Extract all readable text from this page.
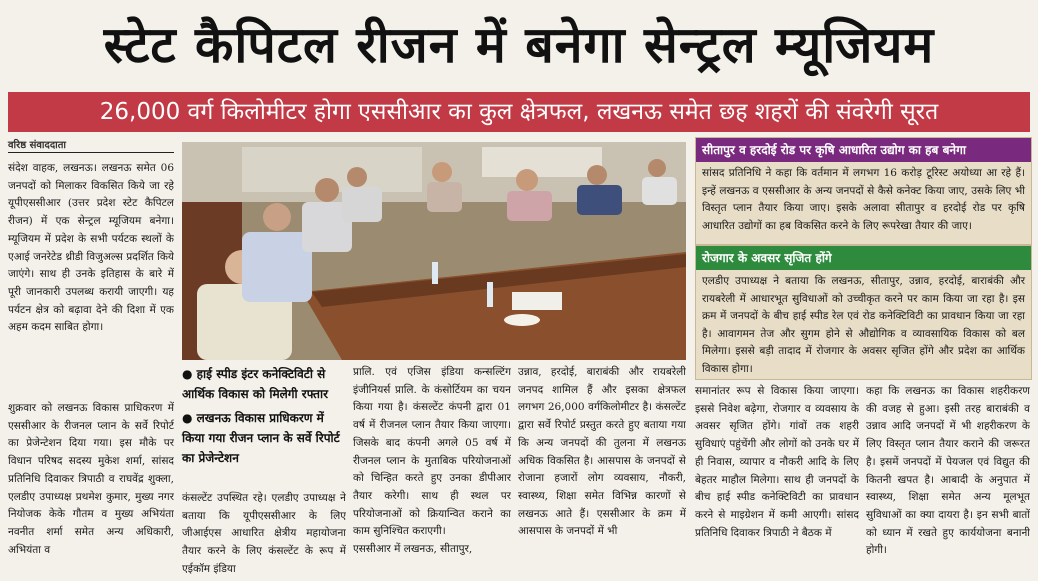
स्टेट कैपिटल रीजन में बनेगा सेन्ट्रल म्यूजियम
26,000 वर्ग किलोमीटर होगा एससीआर का कुल क्षेत्रफल, लखनऊ समेत छह शहरों की संवरेगी सूरत
वरिष्ठ संवाददाता
संदेश वाहक, लखनऊ। लखनऊ समेत 06 जनपदों को मिलाकर विकसित किये जा रहे यूपीएससीआर (उत्तर प्रदेश स्टेट कैपिटल रीजन) में एक सेन्ट्रल म्यूजियम बनेगा। म्यूजियम में प्रदेश के सभी पर्यटक स्थलों के एआई जनरेटेड थ्रीडी विजुअल्स प्रदर्शित किये जाएंगे। साथ ही उनके इतिहास के बारे में पूरी जानकारी उपलब्ध करायी जाएगी। यह पर्यटन क्षेत्र को बढ़ावा देने की दिशा में एक अहम कदम साबित होगा।
शुक्रवार को लखनऊ विकास प्राधिकरण में एससीआर के रीजनल प्लान के सर्वे रिपोर्ट का प्रेजेन्टेशन दिया गया। इस मौके पर विधान परिषद सदस्य मुकेश शर्मा, सांसद प्रतिनिधि दिवाकर त्रिपाठी व राघवेंद्र शुक्ला, एलडीए उपाध्यक्ष प्रथमेश कुमार, मुख्य नगर नियोजक केके गौतम व मुख्य अभियंता नवनीत शर्मा समेत अन्य अधिकारी, अभियंता व
● हाई स्पीड इंटर कनेक्टिविटी से आर्थिक विकास को मिलेगी रफ्तार
● लखनऊ विकास प्राधिकरण में किया गया रीजन प्लान के सर्वे रिपोर्ट का प्रेजेन्टेशन
कंसल्टेंट उपस्थित रहे। एलडीए उपाध्यक्ष ने बताया कि यूपीएससीआर के लिए जीआईएस आधारित क्षेत्रीय महायोजना तैयार करने के लिए कंसल्टेंट के रूप में एईकॉम इंडिया
प्रालि. एवं एजिस इंडिया कन्सल्टिंग इंजीनियर्स प्रालि. के कंसोर्टियम का चयन किया गया है। कंसल्टेंट कंपनी द्वारा 01 वर्ष में रीजनल प्लान तैयार किया जाएगा। जिसके बाद कंपनी अगले 05 वर्ष में रीजनल प्लान के मुताबिक परियोजनाओं को चिन्हित करते हुए उनका डीपीआर तैयार करेगी। साथ ही स्थल पर परियोजनाओं को क्रियान्वित कराने का काम सुनिश्चित कराएगी।
एससीआर में लखनऊ, सीतापुर,
उन्नाव, हरदोई, बाराबंकी और रायबरेली जनपद शामिल हैं और इसका क्षेत्रफल लगभग 26,000 वर्गकिलोमीटर है। कंसल्टेंट द्वारा सर्वे रिपोर्ट प्रस्तुत करते हुए बताया गया कि अन्य जनपदों की तुलना में लखनऊ अधिक विकसित है। आसपास के जनपदों से रोजाना हजारों लोग व्यवसाय, नौकरी, स्वास्थ्य, शिक्षा समेत विभिन्न कारणों से लखनऊ आते हैं। एससीआर के क्रम में आसपास के जनपदों में भी
सीतापुर व हरदोई रोड पर कृषि आधारित उद्योग का हब बनेगा
सांसद प्रतिनिधि ने कहा कि वर्तमान में लगभग 16 करोड़ टूरिस्ट अयोध्या आ रहे हैं। इन्हें लखनऊ व एससीआर के अन्य जनपदों से कैसे कनेक्ट किया जाए, उसके लिए भी विस्तृत प्लान तैयार किया जाए। इसके अलावा सीतापुर व हरदोई रोड पर कृषि आधारित उद्योगों का हब विकसित करने के लिए रूपरेखा तैयार की जाए।
रोजगार के अवसर सृजित होंगे
एलडीए उपाध्यक्ष ने बताया कि लखनऊ, सीतापुर, उन्नाव, हरदोई, बाराबंकी और रायबरेली में आधारभूत सुविधाओं को उच्चीकृत करने पर काम किया जा रहा है। इस क्रम में जनपदों के बीच हाई स्पीड रेल एवं रोड कनेक्टिविटी का प्रावधान किया जा रहा है। आवागमन तेज और सुगम होने से औद्योगिक व व्यावसायिक विकास को बल मिलेगा। इससे बड़ी तादाद में रोजगार के अवसर सृजित होंगे और प्रदेश का आर्थिक विकास होगा।
समानांतर रूप से विकास किया जाएगा। इससे निवेश बढ़ेगा, रोजगार व व्यवसाय के अवसर सृजित होंगे। गांवों तक शहरी सुविधाएं पहुंचेंगी और लोगों को उनके घर में ही निवास, व्यापार व नौकरी आदि के लिए बेहतर माहौल मिलेगा। साथ ही जनपदों के बीच हाई स्पीड कनेक्टिविटी का प्रावधान करने से माइग्रेशन में कमी आएगी। सांसद प्रतिनिधि दिवाकर त्रिपाठी ने बैठक में
कहा कि लखनऊ का विकास शहरीकरण की वजह से हुआ। इसी तरह बाराबंकी व उन्नाव आदि जनपदों में भी शहरीकरण के लिए विस्तृत प्लान तैयार कराने की जरूरत है। इसमें जनपदों में पेयजल एवं विद्युत की कितनी खपत है। आबादी के अनुपात में स्वास्थ्य, शिक्षा समेत अन्य मूलभूत सुविधाओं का क्या दायरा है। इन सभी बातों को ध्यान में रखते हुए कार्ययोजना बनानी होगी।
